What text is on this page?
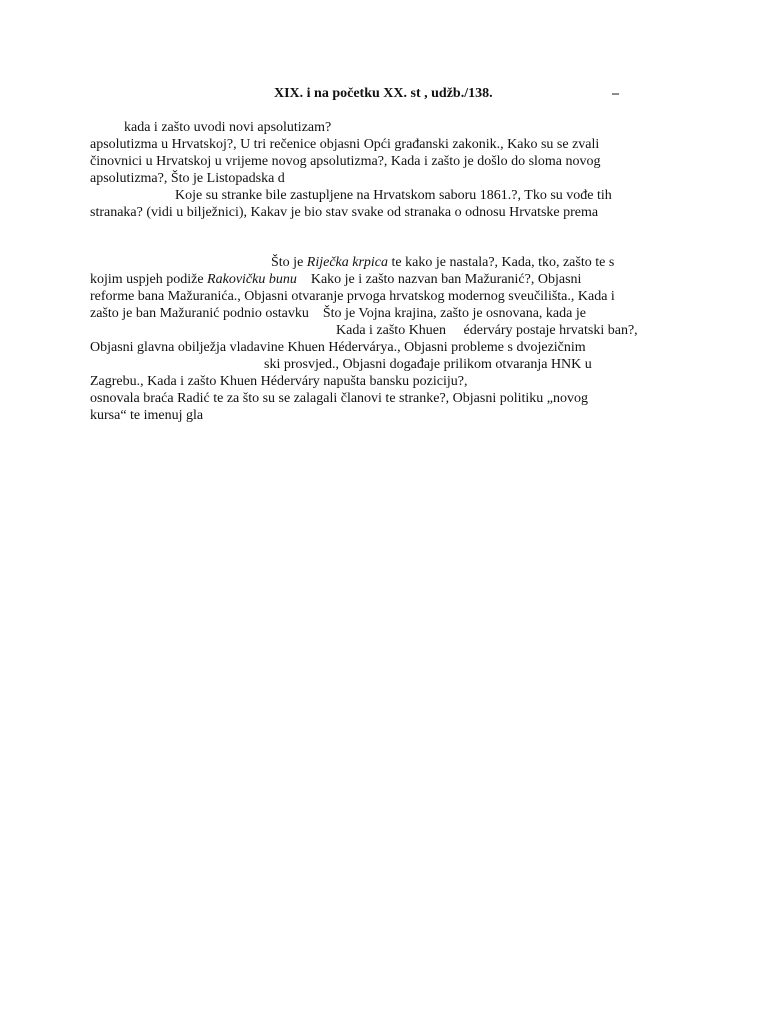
XIX. i na početku XX. st , udžb./138.	–
kada i zašto uvodi novi apsolutizam?
apsolutizma u Hrvatskoj?, U tri rečenice objasni Opći građanski zakonik., Kako su se zvali
činovnici u Hrvatskoj u vrijeme novog apsolutizma?, Kada i zašto je došlo do sloma novog
apsolutizma?, Što je Listopadska d
Koje su stranke bile zastupljene na Hrvatskom saboru 1861.?, Tko su vođe tih
stranaka? (vidi u bilježnici), Kakav je bio stav svake od stranaka o odnosu Hrvatske prema
Što je Riječka krpica te kako je nastala?, Kada, tko, zašto te s
kojim uspjeh podiže Rakovičku bunu    Kako je i zašto nazvan ban Mažuranić?, Objasni
reforme bana Mažuranića., Objasni otvaranje prvoga hrvatskog modernog sveučilišta., Kada i
zašto je ban Mažuranić podnio ostavku    Što je Vojna krajina, zašto je osnovana, kada je
Kada i zašto Khuen     éderváry postaje hrvatski ban?,
Objasni glavna obilježja vladavine Khuen Hédervárya., Objasni probleme s dvojezičnim
ski prosvjed., Objasni događaje prilikom otvaranja HNK u
Zagrebu., Kada i zašto Khuen Héderváry napušta bansku poziciju?,
osnovala braća Radić te za što su se zalagali članovi te stranke?, Objasni politiku „novog
kursa“ te imenuj gla
